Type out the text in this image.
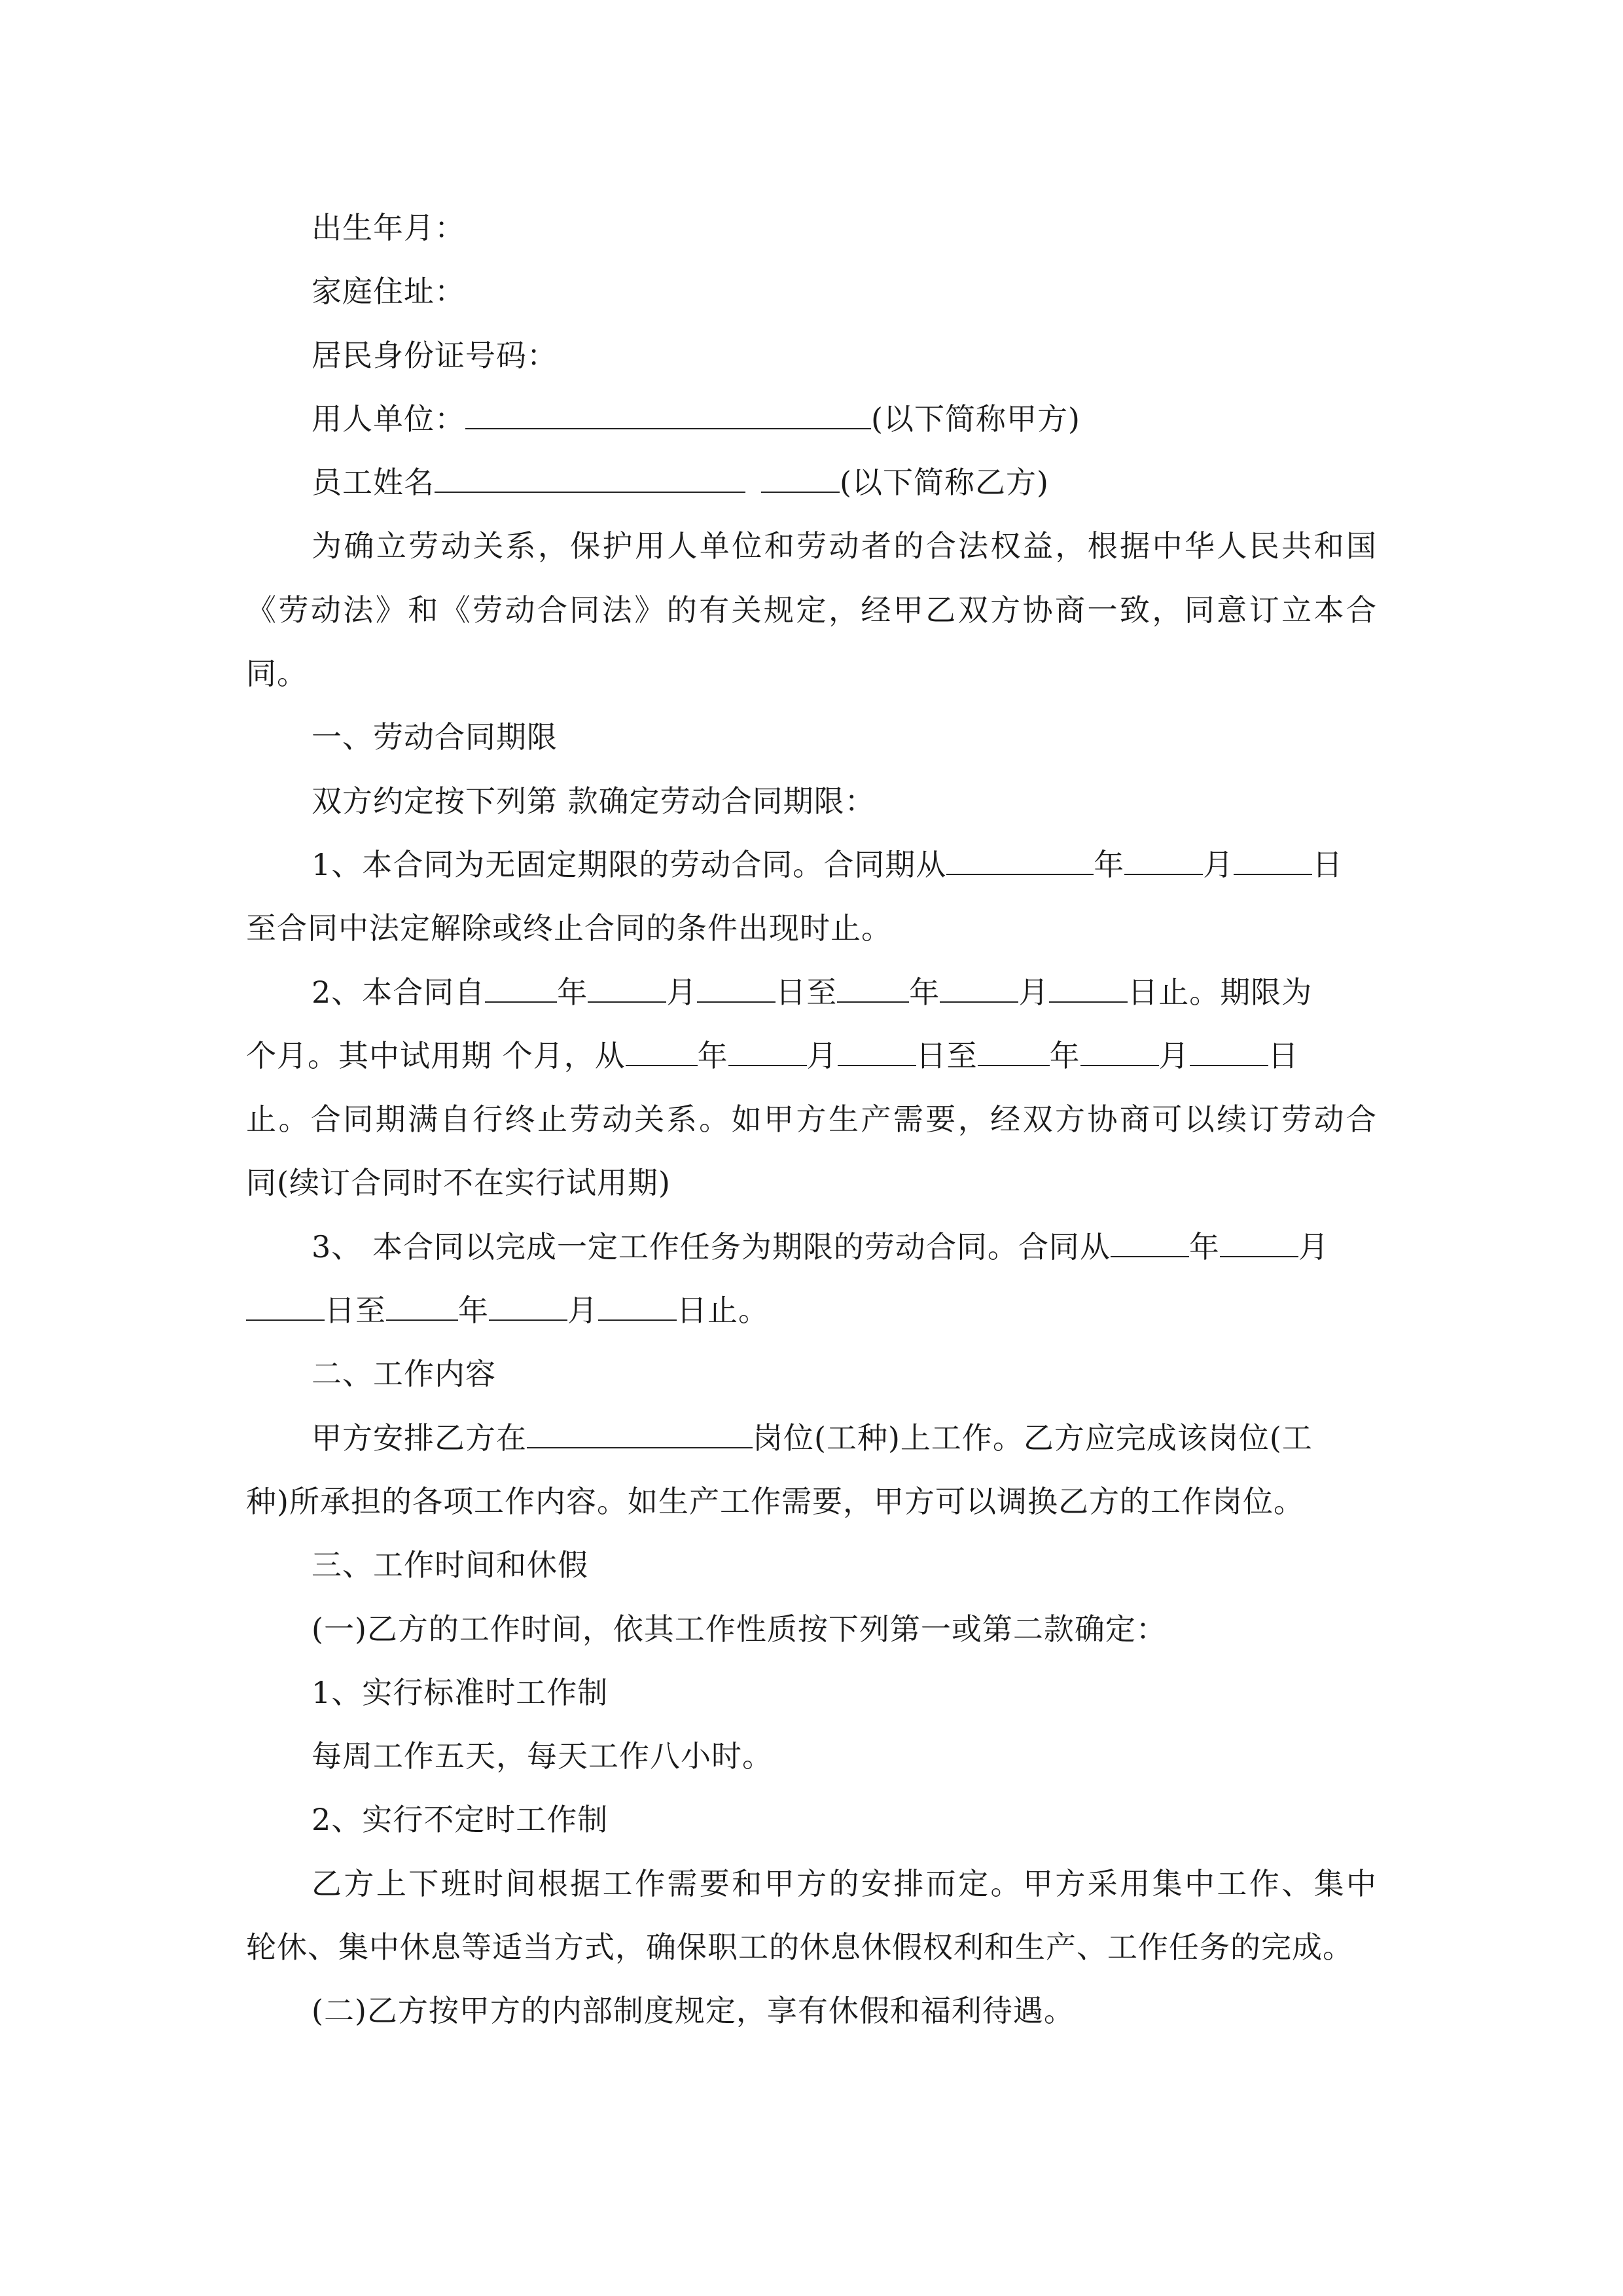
出生年月：
家庭住址：
居民身份证号码：
用人单位：	(以下简称甲方)
员工姓名	(以下简称乙方)
为确立劳动关系，保护用人单位和劳动者的合法权益，根据中华人民共和国
《劳动法》和《劳动合同法》的有关规定，经甲乙双方协商一致，同意订立本合
同。
一、劳动合同期限
双方约定按下列第 款确定劳动合同期限：
1、本合同为无固定期限的劳动合同。合同期从	年	月	日
至合同中法定解除或终止合同的条件出现时止。
2、本合同自 年	月	日至 年	月	日止。期限为
个月。其中试用期 个月，从 年	月	日至 年	月	日
止。合同期满自行终止劳动关系。如甲方生产需要，经双方协商可以续订劳动合
同(续订合同时不在实行试用期)
3、 本合同以完成一定工作任务为期限的劳动合同。合同从	年	月
日至 年	月	日止。
二、工作内容
甲方安排乙方在	岗位(工种)上工作。乙方应完成该岗位(工
种)所承担的各项工作内容。如生产工作需要，甲方可以调换乙方的工作岗位。
三、工作时间和休假
(一)乙方的工作时间，依其工作性质按下列第一或第二款确定：
1、实行标准时工作制
每周工作五天，每天工作八小时。
2、实行不定时工作制
乙方上下班时间根据工作需要和甲方的安排而定。甲方采用集中工作、集中
轮休、集中休息等适当方式，确保职工的休息休假权利和生产、工作任务的完成。
(二)乙方按甲方的内部制度规定，享有休假和福利待遇。
